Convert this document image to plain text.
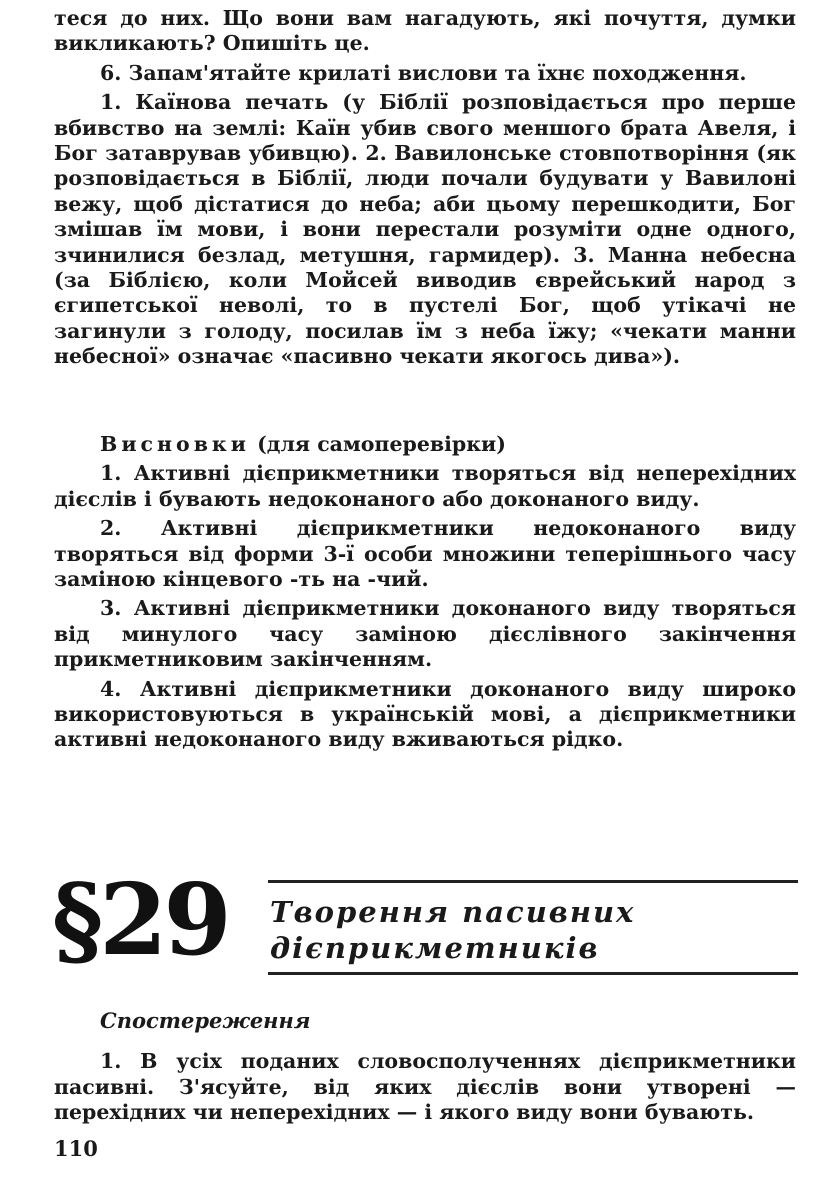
теся до них. Що вони вам нагадують, які почуття, думки викликають? Опишіть це.

6. Запам'ятайте крилаті вислови та їхнє походження.

1. Каїнова печать (у Біблії розповідається про перше вбивство на землі: Каїн убив свого меншого брата Авеля, і Бог затаврував убивцю). 2. Вавилонське стовпотворіння (як розповідається в Біблії, люди почали будувати у Вавилоні вежу, щоб дістатися до неба; аби цьому перешкодити, Бог змішав їм мови, і вони перестали розуміти одне одного, зчинилися безлад, метушня, гармидер). 3. Манна небесна (за Біблією, коли Мойсей виводив єврейський народ з єгипетської неволі, то в пустелі Бог, щоб утікачі не загинули з голоду, посилав їм з неба їжу; «чекати манни небесної» означає «пасивно чекати якогось дива»).

Висновки (для самоперевірки)

1. Активні дієприкметники творяться від неперехідних дієслів і бувають недоконаного або доконаного виду.

2. Активні дієприкметники недоконаного виду творяться від форми 3-ї особи множини теперішнього часу заміною кінцевого -ть на -чий.

3. Активні дієприкметники доконаного виду творяться від минулого часу заміною дієслівного закінчення прикметниковим закінченням.

4. Активні дієприкметники доконаного виду широко використовуються в українській мові, а дієприкметники активні недоконаного виду вживаються рідко.

§29 Творення пасивних
дієприкметників

Спостереження

1. В усіх поданих словосполученнях дієприкметники пасивні. З'ясуйте, від яких дієслів вони утворені — перехідних чи неперехідних — і якого виду вони бувають.

110
